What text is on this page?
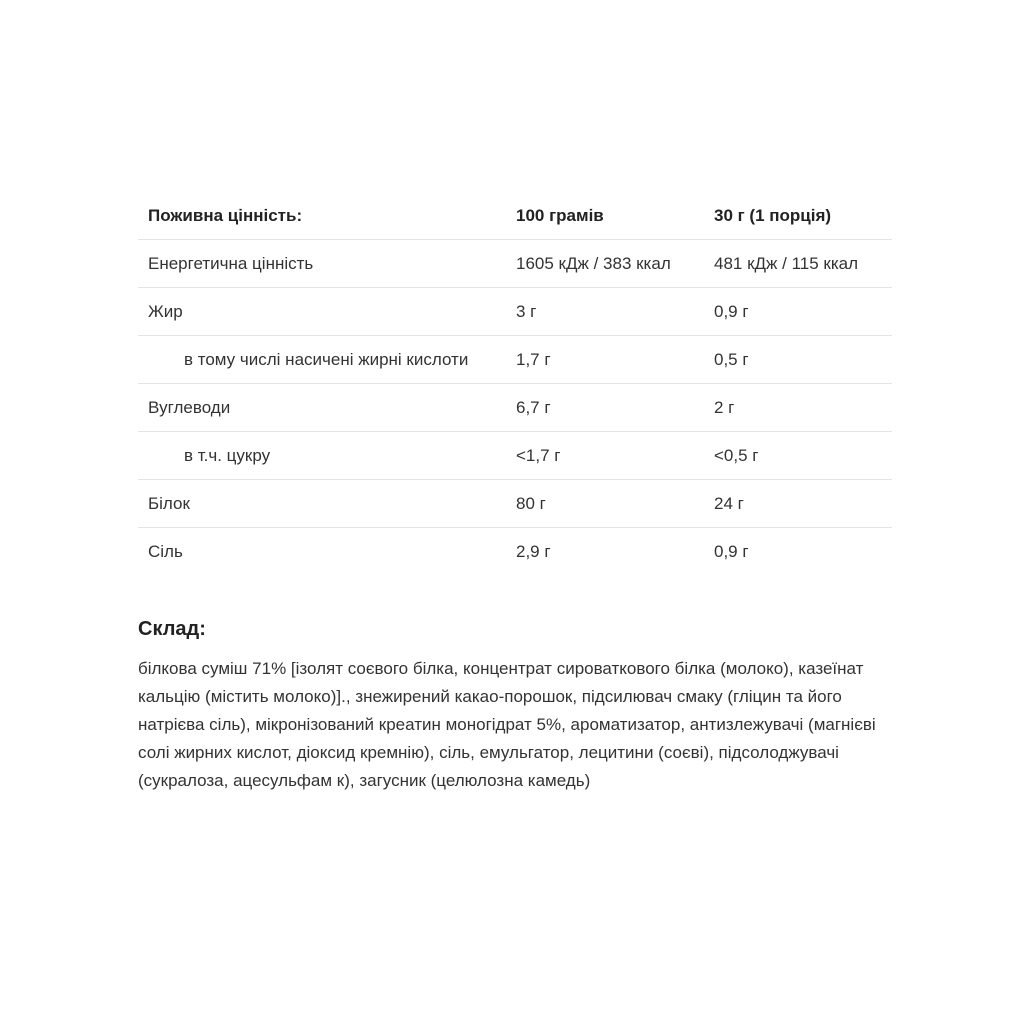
Поживна цінність:	100 грамів	30 г (1 порція)
Енергетична цінність	1605 кДж / 383 ккал	481 кДж / 115 ккал
Жир	3 г	0,9 г
в тому числі насичені жирні кислоти	1,7 г	0,5 г
Вуглеводи	6,7 г	2 г
в т.ч. цукру	<1,7 г	<0,5 г
Білок	80 г	24 г
Сіль	2,9 г	0,9 г
Склад:

білкова суміш 71% [ізолят соєвого білка, концентрат сироваткового білка (молоко), казеїнат кальцію (містить молоко)]., знежирений какао-порошок, підсилювач смаку (гліцин та його натрієва сіль), мікронізований креатин моногідрат 5%, ароматизатор, антизлежувачі (магнієві солі жирних кислот, діоксид кремнію), сіль, емульгатор, лецитини (соєві), підсолоджувачі (сукралоза, ацесульфам к), загусник (целюлозна камедь)
